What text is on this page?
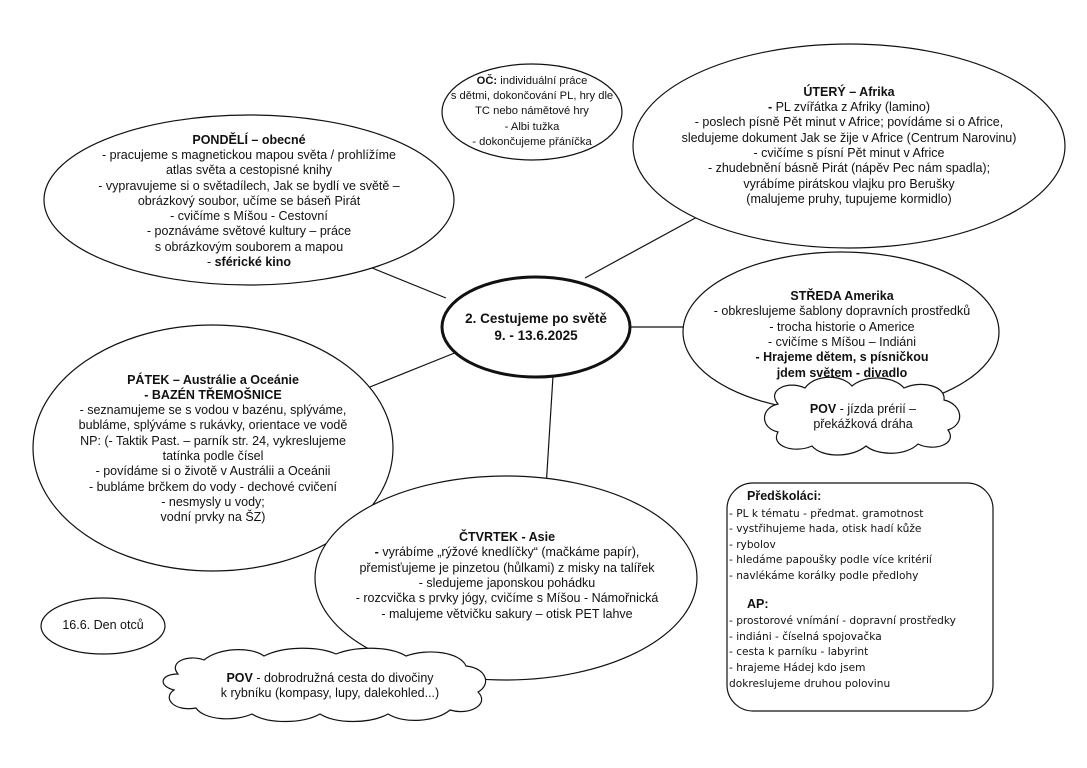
OČ: individuální práce
s dětmi, dokončování PL, hry dle
TC nebo námětové hry
- Albi tužka
- dokončujeme přáníčka
PONDĚLÍ – obecné
- pracujeme s magnetickou mapou světa / prohlížíme
atlas světa a cestopisné knihy
- vypravujeme si o světadílech, Jak se bydlí ve světě –
obrázkový soubor, učíme se báseň Pirát
- cvičíme s Míšou - Cestovní
- poznáváme světové kultury – práce
s obrázkovým souborem a mapou
- sférické kino
ÚTERÝ – Afrika
- PL zvířátka z Afriky (lamino)
- poslech písně Pět minut v Africe; povídáme si o Africe,
sledujeme dokument Jak se žije v Africe (Centrum Narovinu)
- cvičíme s písní Pět minut v Africe
- zhudebnění básně Pirát (nápěv Pec nám spadla);
vyrábíme pirátskou vlajku pro Berušky
(malujeme pruhy, tupujeme kormidlo)
2. Cestujeme po světě
9. - 13.6.2025
STŘEDA Amerika
- obkreslujeme šablony dopravních prostředků
- trocha historie o Americe
- cvičíme s Míšou – Indiáni
- Hrajeme dětem, s písničkou
jdem světem - divadlo
POV - jízda prérií –
překážková dráha
PÁTEK – Austrálie a Oceánie
- BAZÉN TŘEMOŠNICE
- seznamujeme se s vodou v bazénu, splýváme,
bubláme, splýváme s rukávky, orientace ve vodě
NP: (- Taktik Past. – parník str. 24, vykreslujeme
tatínka podle čísel
- povídáme si o životě v Austrálii a Oceánii
- bubláme brčkem do vody - dechové cvičení
- nesmysly u vody;
vodní prvky na ŠZ)
ČTVRTEK - Asie
- vyrábíme „rýžové knedlíčky“ (mačkáme papír),
přemisťujeme je pinzetou (hůlkami) z misky na talířek
- sledujeme japonskou pohádku
- rozcvička s prvky jógy, cvičíme s Míšou - Námořnická
- malujeme větvičku sakury – otisk PET lahve
16.6. Den otců
POV - dobrodružná cesta do divočiny
k rybníku (kompasy, lupy, dalekohled...)
Předškoláci:
- PL k tématu - předmat. gramotnost
- vystřihujeme hada, otisk hadí kůže
- rybolov
- hledáme papoušky podle více kritérií
- navlékáme korálky podle předlohy
AP:
- prostorové vnímání - dopravní prostředky
- indiáni - číselná spojovačka
- cesta k parníku - labyrint
- hrajeme Hádej kdo jsem
dokreslujeme druhou polovinu
